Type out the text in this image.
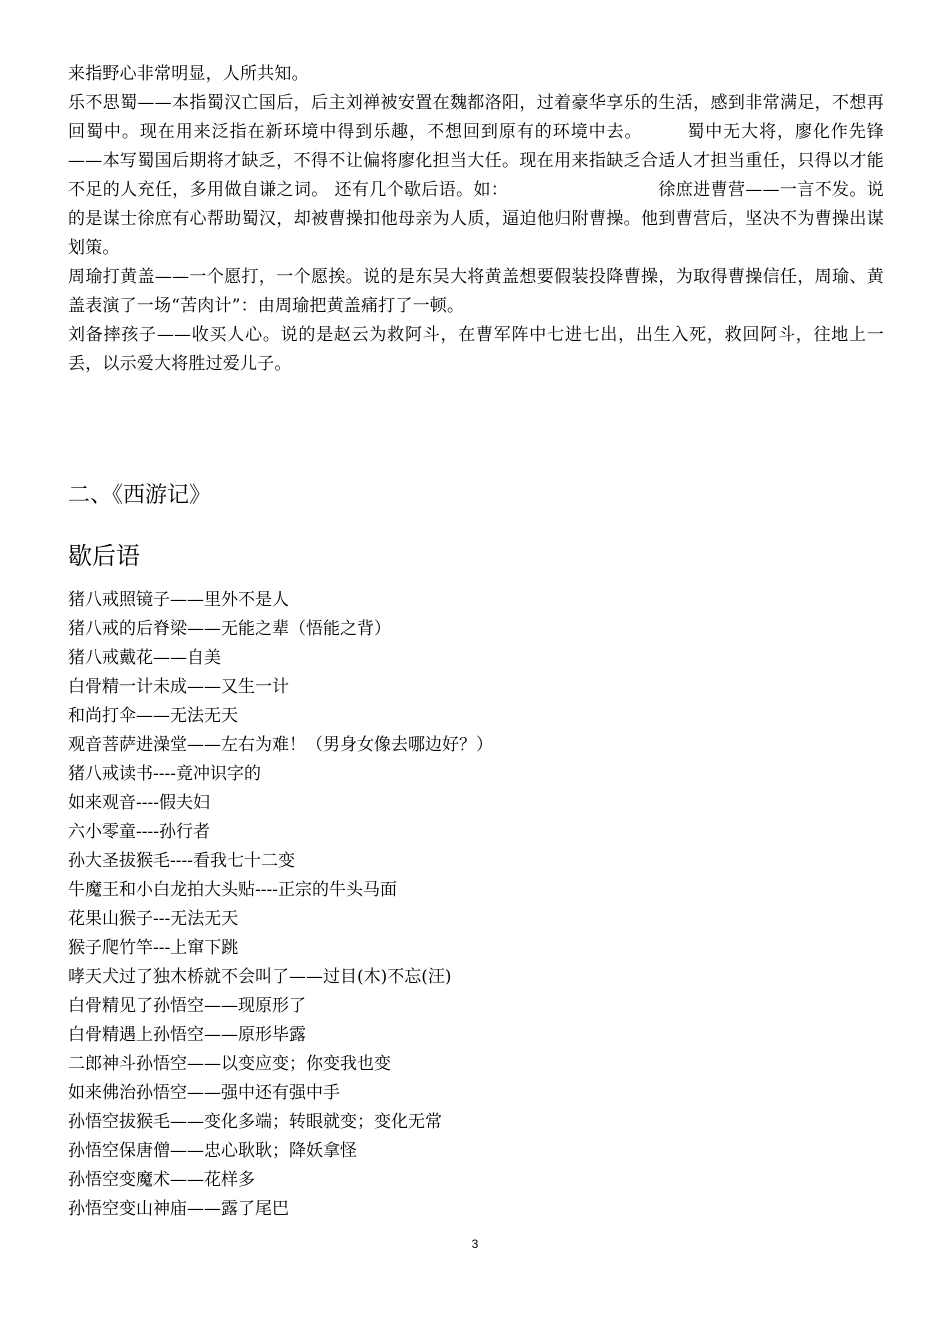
来指野心非常明显，人所共知。

乐不思蜀——本指蜀汉亡国后，后主刘禅被安置在魏都洛阳，过着豪华享乐的生活，感到非常满足，不想再回蜀中。现在用来泛指在新环境中得到乐趣，不想回到原有的环境中去。	蜀中无大将，廖化作先锋——本写蜀国后期将才缺乏，不得不让偏将廖化担当大任。现在用来指缺乏合适人才担当重任，只得以才能不足的人充任，多用做自谦之词。 还有几个歇后语。如：	徐庶进曹营——一言不发。说的是谋士徐庶有心帮助蜀汉，却被曹操扣他母亲为人质，逼迫他归附曹操。他到曹营后，坚决不为曹操出谋划策。

周瑜打黄盖——一个愿打，一个愿挨。说的是东吴大将黄盖想要假装投降曹操，为取得曹操信任，周瑜、黄盖表演了一场“苦肉计”：由周瑜把黄盖痛打了一顿。

刘备摔孩子——收买人心。说的是赵云为救阿斗，在曹军阵中七进七出，出生入死，救回阿斗，往地上一丢，以示爱大将胜过爱儿子。

二、《西游记》
歇后语
猪八戒照镜子——里外不是人
猪八戒的后脊梁——无能之辈（悟能之背）
猪八戒戴花——自美
白骨精一计未成——又生一计
和尚打伞——无法无天
观音菩萨进澡堂——左右为难！（男身女像去哪边好？）
猪八戒读书----竟冲识字的
如来观音----假夫妇
六小零童----孙行者
孙大圣拔猴毛----看我七十二变
牛魔王和小白龙拍大头贴----正宗的牛头马面
花果山猴子---无法无天
猴子爬竹竿---上窜下跳
哮天犬过了独木桥就不会叫了——过目(木)不忘(汪)
白骨精见了孙悟空——现原形了
白骨精遇上孙悟空——原形毕露
二郎神斗孙悟空——以变应变；你变我也变
如来佛治孙悟空——强中还有强中手
孙悟空拔猴毛——变化多端；转眼就变；变化无常
孙悟空保唐僧——忠心耿耿；降妖拿怪
孙悟空变魔术——花样多
孙悟空变山神庙——露了尾巴
3
